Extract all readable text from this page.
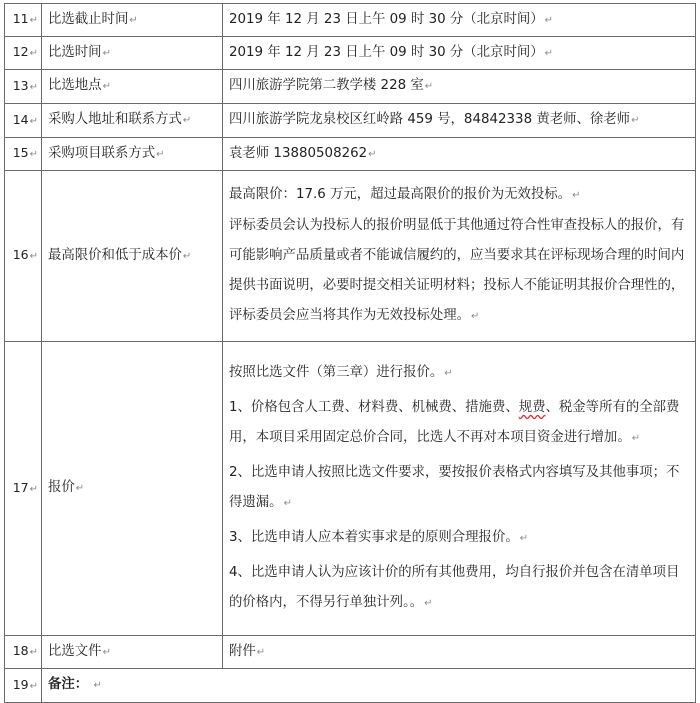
11↵	比选截止时间↵	2019 年 12 月 23 日上午 09 时 30 分（北京时间）↵
12↵	比选时间↵	2019 年 12 月 23 日上午 09 时 30 分（北京时间）↵
13↵	比选地点↵	四川旅游学院第二教学楼 228 室↵
14↵	采购人地址和联系方式↵	四川旅游学院龙泉校区红岭路 459 号，84842338 黄老师、徐老师↵
15↵	采购项目联系方式↵	袁老师 13880508262↵
16↵	最高限价和低于成本价↵	最高限价：17.6 万元，超过最高限价的报价为无效投标。↵

评标委员会认为投标人的报价明显低于其他通过符合性审查投标人的报价，有可能影响产品质量或者不能诚信履约的，应当要求其在评标现场合理的时间内提供书面说明，必要时提交相关证明材料；投标人不能证明其报价合理性的，评标委员会应当将其作为无效投标处理。↵

17↵	报价↵	按照比选文件（第三章）进行报价。↵

1、价格包含人工费、材料费、机械费、措施费、规费、税金等所有的全部费用，本项目采用固定总价合同，比选人不再对本项目资金进行增加。↵

2、比选申请人按照比选文件要求，要按报价表格式内容填写及其他事项；不得遗漏。↵

3、比选申请人应本着实事求是的原则合理报价。↵

4、比选申请人认为应该计价的所有其他费用，均自行报价并包含在清单项目的价格内，不得另行单独计列。。↵

18↵	比选文件↵	附件↵
19↵	备注： ↵	
